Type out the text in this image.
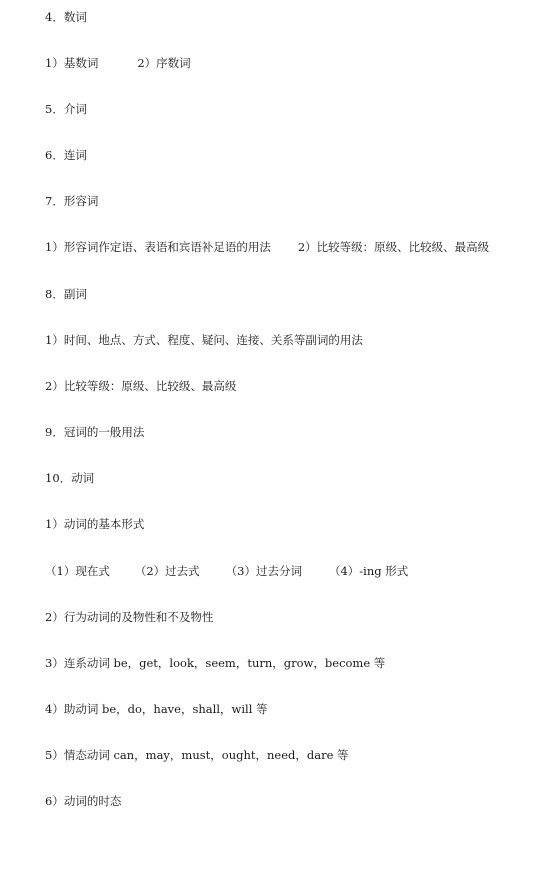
4．数词
1）基数词	2）序数词
5．介词
6．连词
7．形容词
1）形容词作定语、表语和宾语补足语的用法 2）比较等级：原级、比较级、最高级
8．副词
1）时间、地点、方式、程度、疑问、连接、关系等副词的用法
2）比较等级：原级、比较级、最高级
9．冠词的一般用法
10．动词
1）动词的基本形式
（1）现在式 （2）过去式 （3）过去分词 （4）-ing 形式
2）行为动词的及物性和不及物性
3）连系动词 be，get，look，seem，turn，grow，become 等
4）助动词 be，do，have，shall，will 等
5）情态动词 can，may，must，ought，need，dare 等
6）动词的时态
